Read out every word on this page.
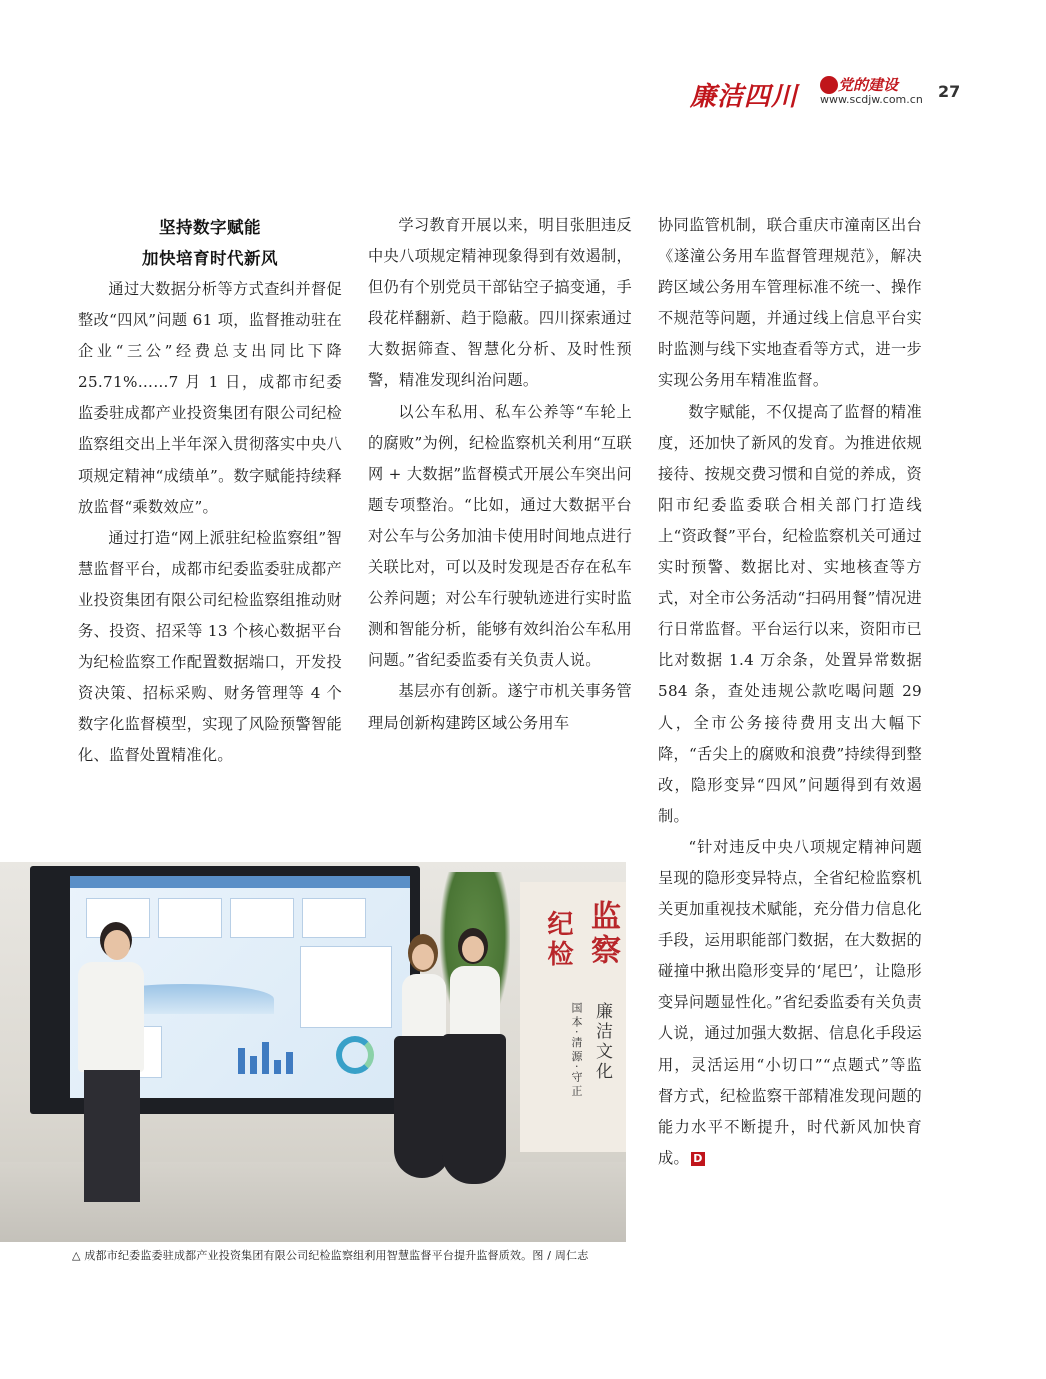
廉洁四川	党的建设
www.scdjw.com.cn 27
坚持数字赋能
加快培育时代新风

通过大数据分析等方式查纠并督促整改“四风”问题 61 项，监督推动驻在企业“三公”经费总支出同比下降 25.71%……7 月 1 日，成都市纪委监委驻成都产业投资集团有限公司纪检监察组交出上半年深入贯彻落实中央八项规定精神“成绩单”。数字赋能持续释放监督“乘数效应”。

通过打造“网上派驻纪检监察组”智慧监督平台，成都市纪委监委驻成都产业投资集团有限公司纪检监察组推动财务、投资、招采等 13 个核心数据平台为纪检监察工作配置数据端口，开发投资决策、招标采购、财务管理等 4 个数字化监督模型，实现了风险预警智能化、监督处置精准化。

学习教育开展以来，明目张胆违反中央八项规定精神现象得到有效遏制，但仍有个别党员干部钻空子搞变通，手段花样翻新、趋于隐蔽。四川探索通过大数据筛查、智慧化分析、及时性预警，精准发现纠治问题。

以公车私用、私车公养等“车轮上的腐败”为例，纪检监察机关利用“互联网 + 大数据”监督模式开展公车突出问题专项整治。“比如，通过大数据平台对公车与公务加油卡使用时间地点进行关联比对，可以及时发现是否存在私车公养问题；对公车行驶轨迹进行实时监测和智能分析，能够有效纠治公车私用问题。”省纪委监委有关负责人说。

基层亦有创新。遂宁市机关事务管理局创新构建跨区域公务用车

协同监管机制，联合重庆市潼南区出台《遂潼公务用车监督管理规范》，解决跨区域公务用车管理标准不统一、操作不规范等问题，并通过线上信息平台实时监测与线下实地查看等方式，进一步实现公务用车精准监督。

数字赋能，不仅提高了监督的精准度，还加快了新风的发育。为推进依规接待、按规交费习惯和自觉的养成，资阳市纪委监委联合相关部门打造线上“资政餐”平台，纪检监察机关可通过实时预警、数据比对、实地核查等方式，对全市公务活动“扫码用餐”情况进行日常监督。平台运行以来，资阳市已比对数据 1.4 万余条，处置异常数据 584 条，查处违规公款吃喝问题 29 人，全市公务接待费用支出大幅下降，“舌尖上的腐败和浪费”持续得到整改，隐形变异“四风”问题得到有效遏制。

“针对违反中央八项规定精神问题呈现的隐形变异特点，全省纪检监察机关更加重视技术赋能，充分借力信息化手段，运用职能部门数据，在大数据的碰撞中揪出隐形变异的‘尾巴’，让隐形变异问题显性化。”省纪委监委有关负责人说，通过加强大数据、信息化手段运用，灵活运用“小切口”“点题式”等监督方式，纪检监察干部精准发现问题的能力水平不断提升，时代新风加快育成。 D

监察
纪检
国本·清源·守正 廉洁文化
△ 成都市纪委监委驻成都产业投资集团有限公司纪检监察组利用智慧监督平台提升监督质效。图 / 周仁志
